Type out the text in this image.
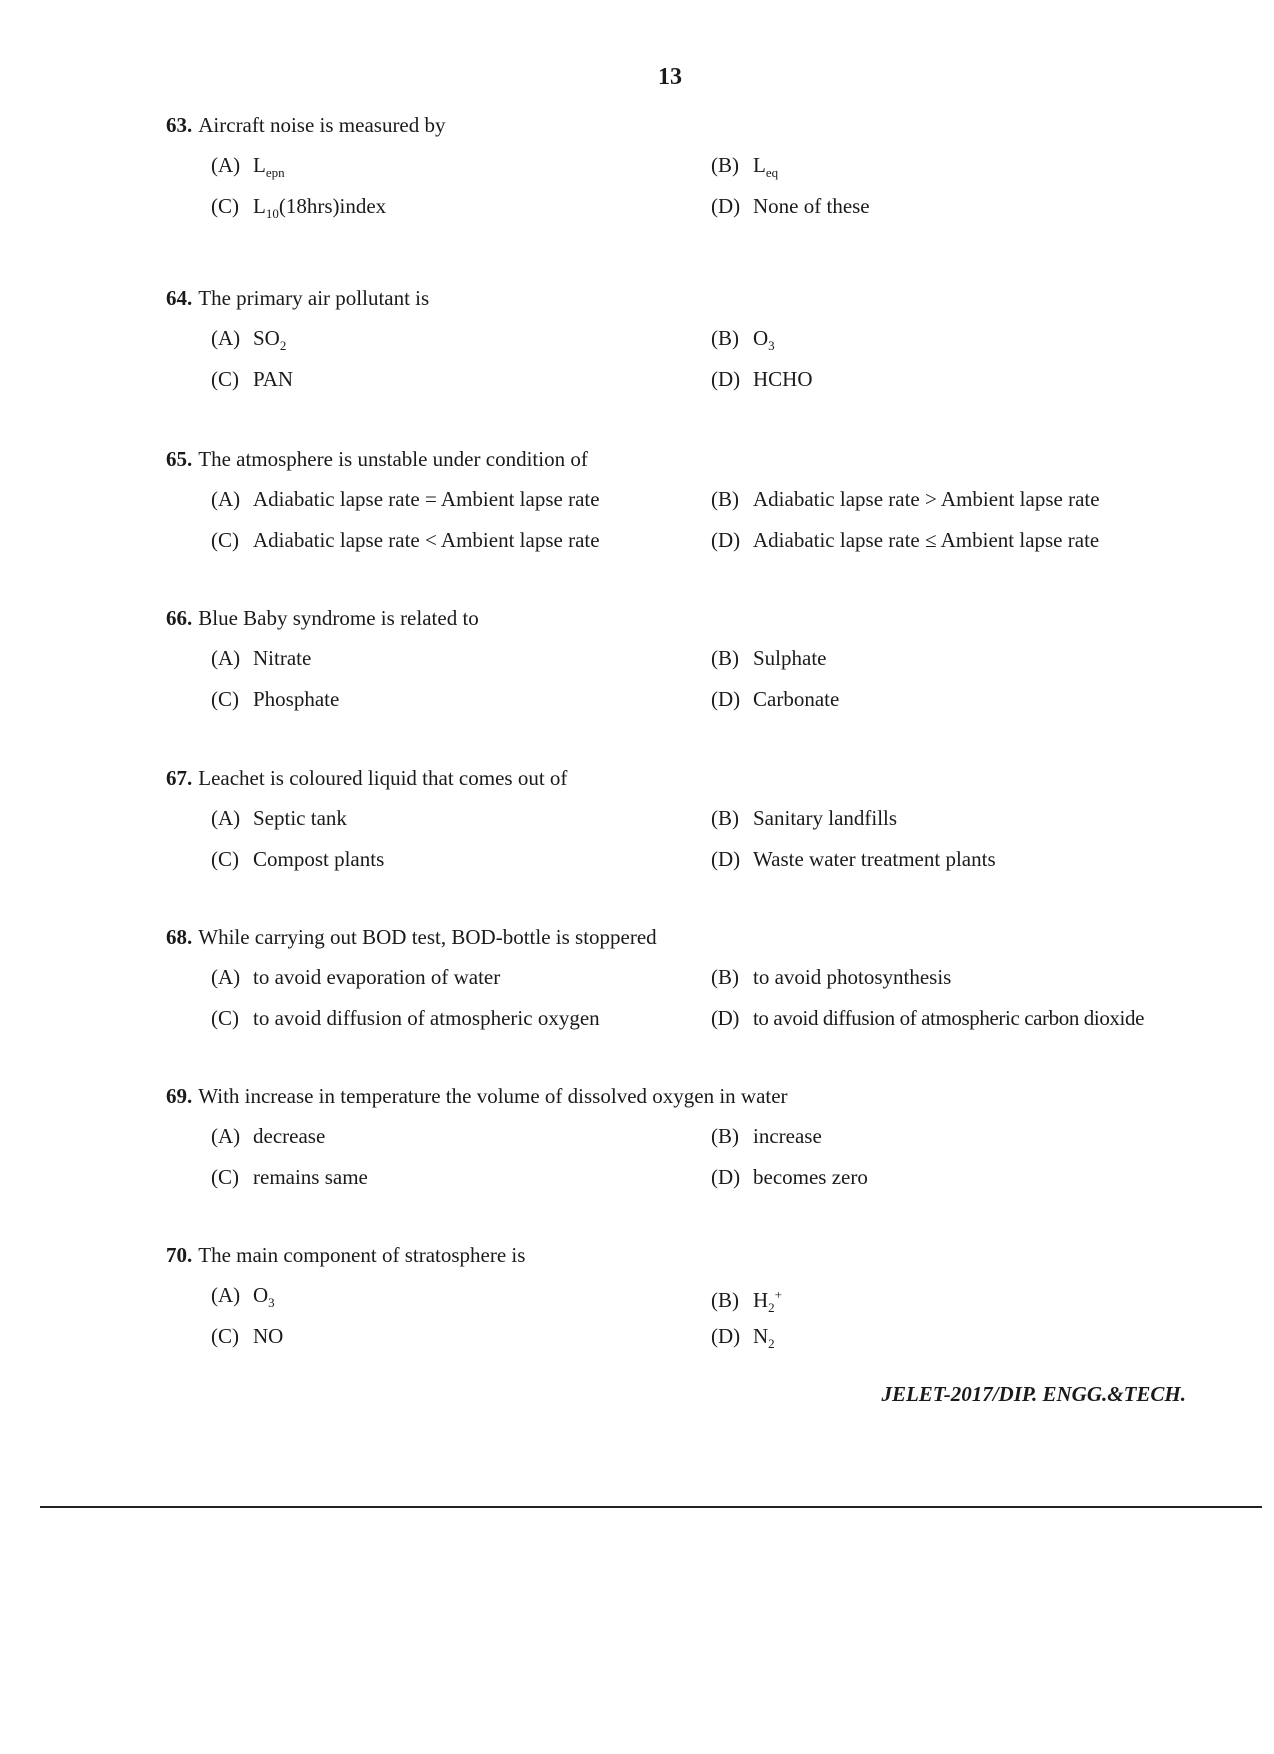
13
63. Aircraft noise is measured by
(A) $L_{epn}$	(B) $L_{eq}$
(C) $L_{10}(18hrs)index$	(D) None of these
64. The primary air pollutant is
(A) $SO_2$	(B) $O_3$
(C) PAN	(D) HCHO
65. The atmosphere is unstable under condition of
(A) Adiabatic lapse rate = Ambient lapse rate	(B) Adiabatic lapse rate > Ambient lapse rate
(C) Adiabatic lapse rate < Ambient lapse rate	(D) Adiabatic lapse rate ≤ Ambient lapse rate
66. Blue Baby syndrome is related to
(A) Nitrate	(B) Sulphate
(C) Phosphate	(D) Carbonate
67. Leachet is coloured liquid that comes out of
(A) Septic tank	(B) Sanitary landfills
(C) Compost plants	(D) Waste water treatment plants
68. While carrying out BOD test, BOD-bottle is stoppered
(A) to avoid evaporation of water	(B) to avoid photosynthesis
(C) to avoid diffusion of atmospheric oxygen	(D) to avoid diffusion of atmospheric carbon dioxide
69. With increase in temperature the volume of dissolved oxygen in water
(A) decrease	(B) increase
(C) remains same	(D) becomes zero
70. The main component of stratosphere is
(A) $O_3$	(B) $H_2^+$
(C) NO	(D) $N_2$
JELET-2017/DIP. ENGG.&TECH.
